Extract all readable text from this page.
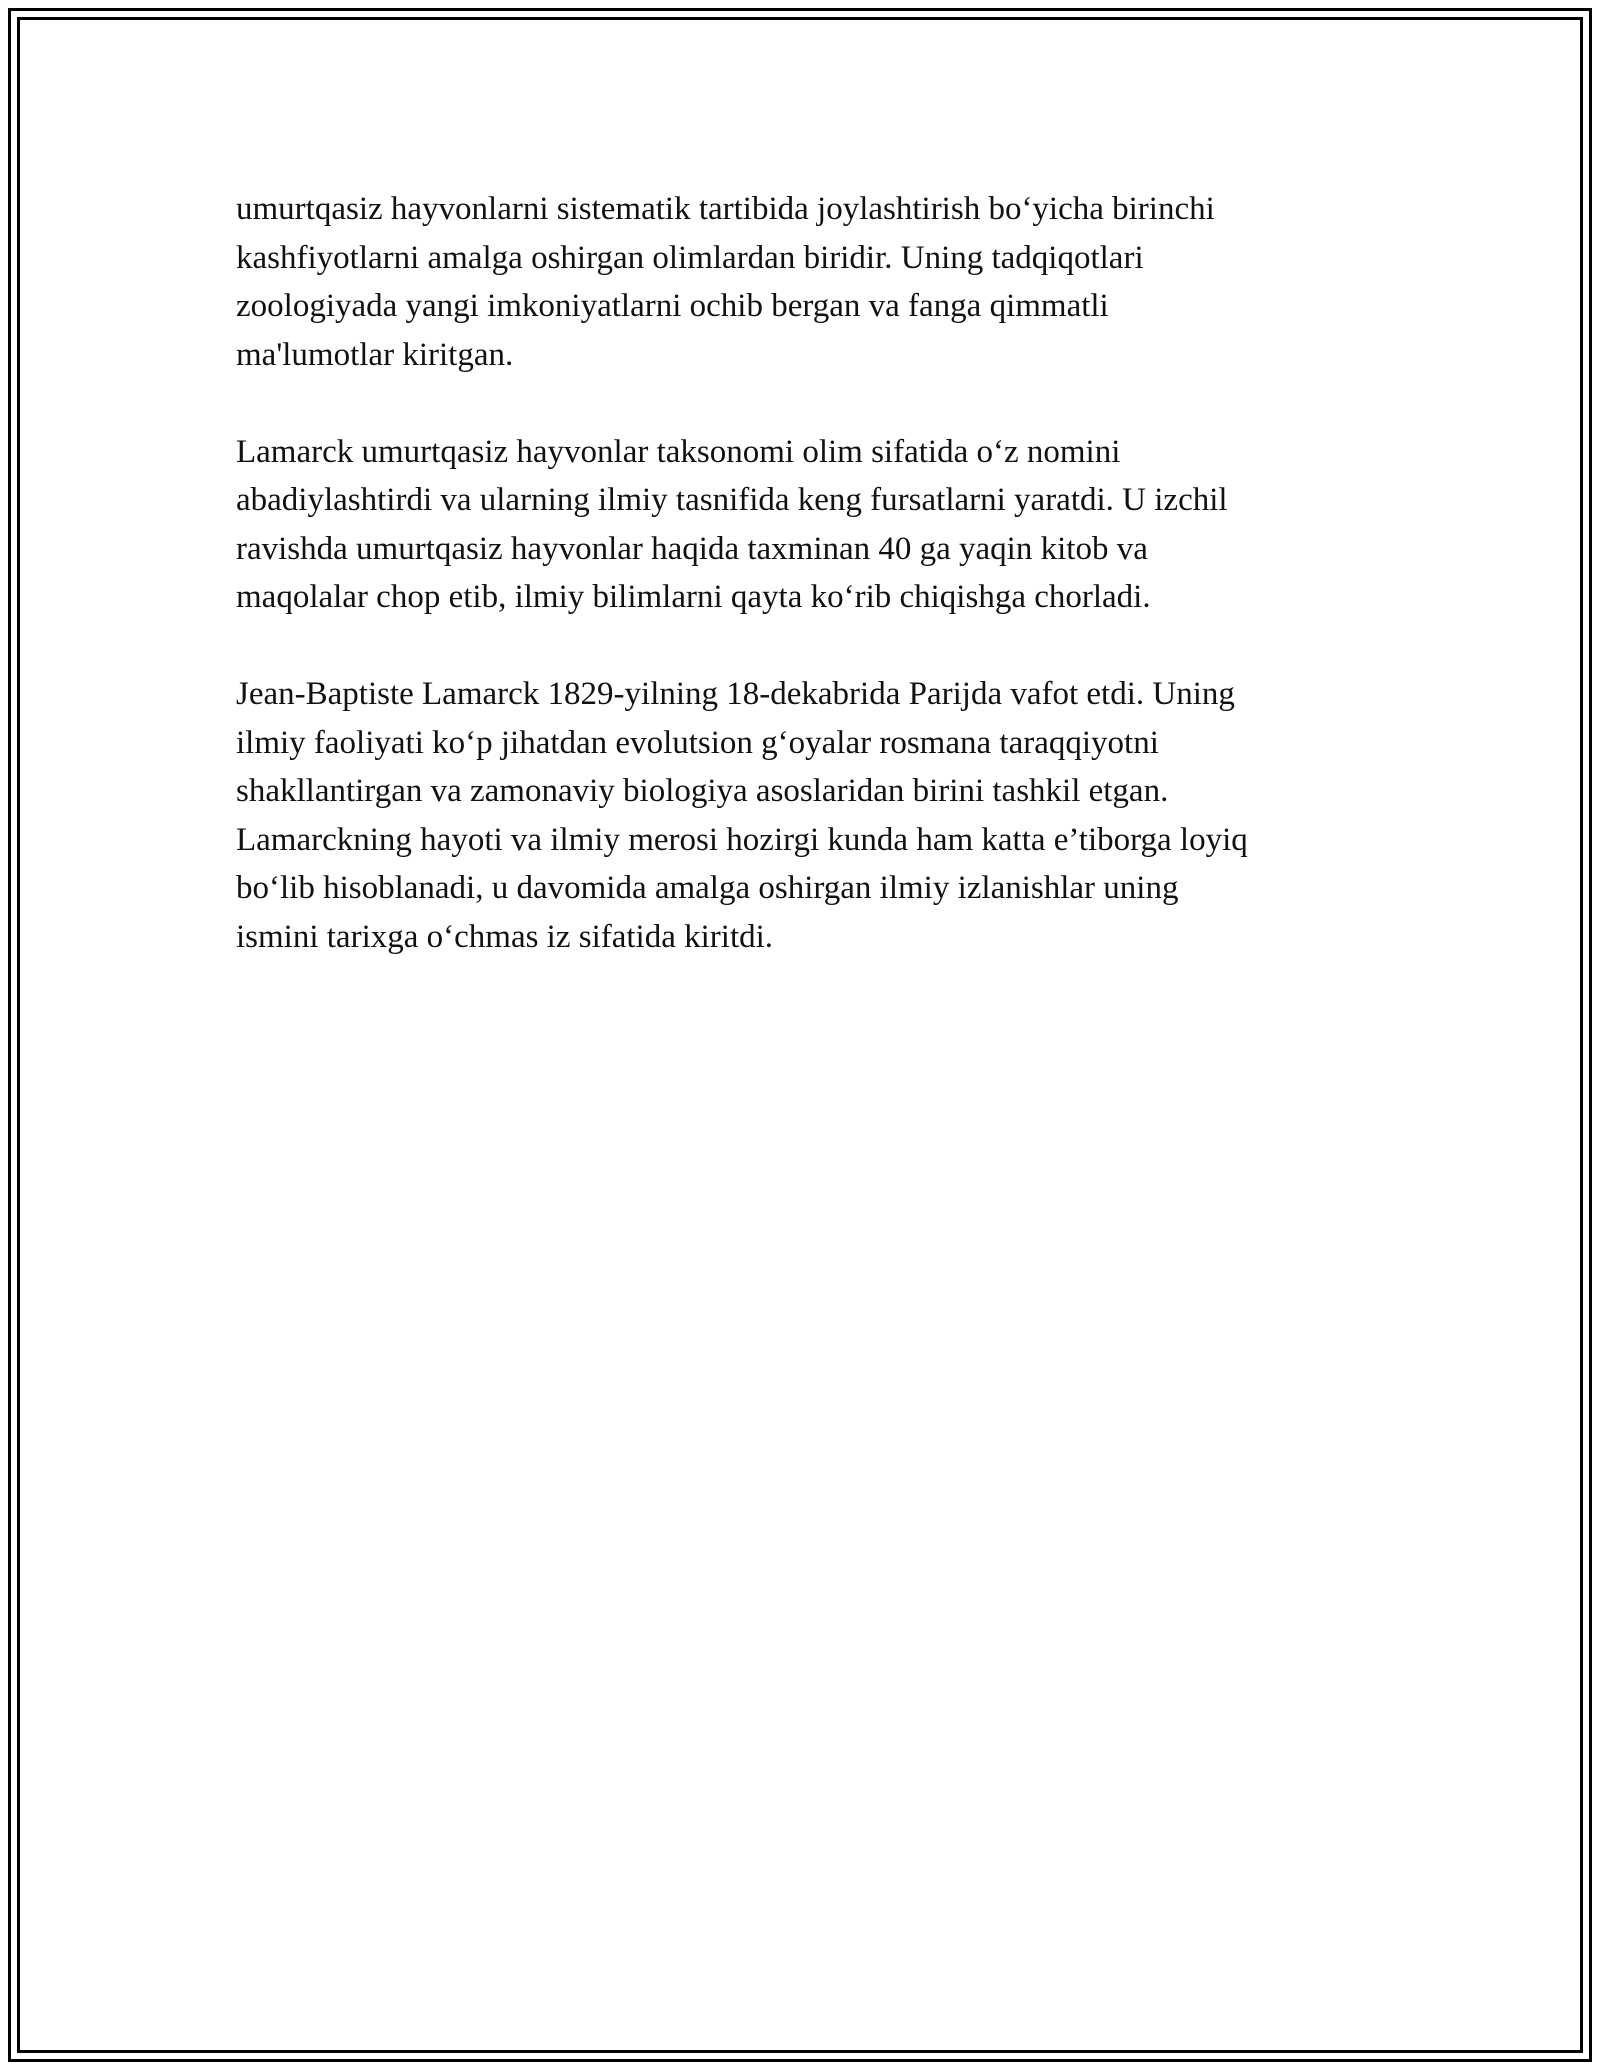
umurtqasiz hayvonlarni sistematik tartibida joylashtirish bo‘yicha birinchi
kashfiyotlarni amalga oshirgan olimlardan biridir. Uning tadqiqotlari
zoologiyada yangi imkoniyatlarni ochib bergan va fanga qimmatli
ma'lumotlar kiritgan.

Lamarck umurtqasiz hayvonlar taksonomi olim sifatida o‘z nomini
abadiylashtirdi va ularning ilmiy tasnifida keng fursatlarni yaratdi. U izchil
ravishda umurtqasiz hayvonlar haqida taxminan 40 ga yaqin kitob va
maqolalar chop etib, ilmiy bilimlarni qayta ko‘rib chiqishga chorladi.

Jean-Baptiste Lamarck 1829-yilning 18-dekabrida Parijda vafot etdi. Uning
ilmiy faoliyati ko‘p jihatdan evolutsion g‘oyalar rosmana taraqqiyotni
shakllantirgan va zamonaviy biologiya asoslaridan birini tashkil etgan.
Lamarckning hayoti va ilmiy merosi hozirgi kunda ham katta e’tiborga loyiq
bo‘lib hisoblanadi, u davomida amalga oshirgan ilmiy izlanishlar uning
ismini tarixga o‘chmas iz sifatida kiritdi.
